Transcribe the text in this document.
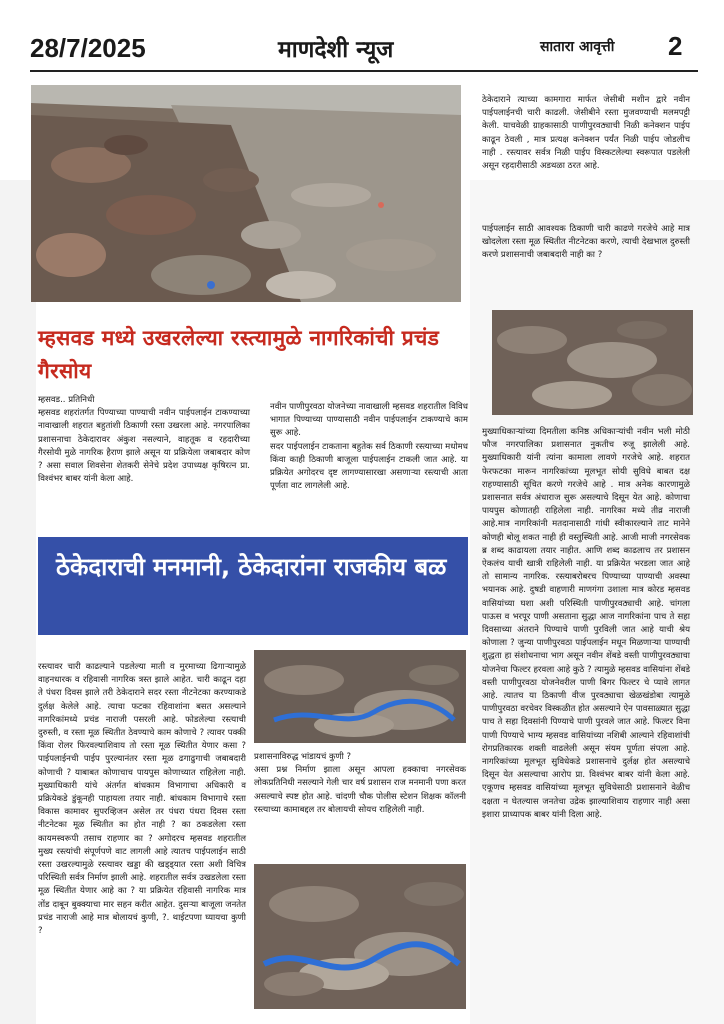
28/7/2025	माणदेशी न्यूज	सातारा आवृत्ती 2
म्हसवड मध्ये उखरलेल्या रस्त्यामुळे नागरिकांची प्रचंड गैरसोय
म्हसवड.. प्रतिनिधी
म्हसवड शहरांतर्गत पिण्याच्या पाण्याची नवीन पाईपलाईन टाकण्याच्या नावाखाली शहरात बहुतांशी ठिकाणी रस्ता उखरला आहे. नगरपालिका प्रशासनाचा ठेकेदारावर अंकुश नसल्याने, वाहतूक व रहदारीच्या गैरसोयी मुळे नागरिक हैराण झाले असून या प्रक्रियेला जबाबदार कोण ? असा सवाल शिवसेना शेतकरी सेनेचे प्रदेश उपाध्यक्ष कृषिरत्न प्रा. विश्वंभर बाबर यांनी केला आहे.
नवीन पाणीपुरवठा योजनेच्या नावाखाली म्हसवड शहरातील विविध भागात पिण्याच्या पाण्यासाठी नवीन पाईपलाईन टाकण्याचे काम सुरू आहे.
सदर पाईपलाईन टाकताना बहुतेक सर्व ठिकाणी रस्त्याच्या मधोमध किंवा काही ठिकाणी बाजूला पाईपलाईन टाकली जात आहे. या प्रक्रियेत अगोदरच दृष्ट लागण्यासारखा असणाऱ्या रस्त्याची आता पूर्णता वाट लागलेली आहे.
ठेकेदाराची मनमानी, ठेकेदारांना राजकीय बळ
रस्त्यावर चारी काढल्याने पडलेल्या माती व मुरमाच्या ढिगाऱ्यामुळे वाहनधारक व रहिवासी नागरिक त्रस्त झाले आहेत. चारी काढून दहा ते पंधरा दिवस झाले तरी ठेकेदाराने सदर रस्ता नीटनेटका करण्याकडे दुर्लक्ष केलेले आहे. त्याचा फटका रहिवाशांना बसत असल्याने नागरिकांमध्ये प्रचंड नाराजी पसरली आहे. फोडलेल्या रस्त्याची दुरुस्ती, व रस्ता मूळ स्थितीत ठेवण्याचे काम कोणाचे ? त्यावर पक्की किंवा रोलर फिरवल्याशिवाय तो रस्ता मूळ स्थितीत येणार कसा ? पाईपलाईनची पाईप पुरल्यानंतर रस्ता मूळ ढगाढुगाची जबाबदारी कोणाची ? याबाबत कोणाचाच पायपुस कोणाच्यात राहिलेला नाही. मुख्याधिकारी यांचे अंतर्गत बांधकाम विभागाचा अधिकारी व प्रक्रियेकडे डुंकूनही पाहायला तयार नाही. बांधकाम विभागाचे रस्ता विकास कामावर सुपरव्हिजन असेल तर पंधरा पंधरा दिवस रस्ता नीटनेटका मूळ स्थितीत का होत नाही ? का ठकडलेला रस्ता कायमस्वरूपी तसाच राहणार का ? अगोदरच म्हसवड शहरातील मुख्य रस्त्यांची संपूर्णपणे वाट लागली आहे त्यातच पाईपलाईन साठी रस्ता उखरल्यामुळे रस्त्यावर खड्डा की खड्ड्यात रस्ता अशी विचित्र परिस्थिती सर्वत्र निर्माण झाली आहे. शहरातील सर्वत्र उखडलेला रस्ता मूळ स्थितीत येणार आहे का ? या प्रक्रियेत रहिवासी नागरिक मात्र तोंड दाबून बुक्क्याचा मार सहन करीत आहेत. दुसऱ्या बाजूला जनतेत प्रचंड नाराजी आहे मात्र बोलायचं कुणी, ?. थाईटपणा घ्यायचा कुणी ?
प्रशासनाविरुद्ध भांडायचं कुणी ?
असा प्रश्न निर्माण झाला असून आपला हक्काचा नगरसेवक लोकप्रतिनिधी नसल्याने गेली चार वर्ष प्रशासन राज मनमानी पणा करत असल्याचे स्पष्ट होत आहे. चांदणी चौक पोलीस स्टेशन शिक्षक कॉलनी रस्त्याच्या कामाबद्दल तर बोलायची सोयच राहिलेली नाही.
ठेकेदाराने त्याच्या कामगारा मार्फत जेसीबी मशीन द्वारे नवीन पाईपलाईनची चारी काढली. जेसीबीने रस्ता मुजवण्याची मलमपट्टी केली. याचवेळी ग्राहकासाठी पाणीपुरवठ्याची निळी कनेक्शन पाईप काढून ठेवली , मात्र प्रत्यक्ष कनेक्शन पर्यंत निळी पाईप जोडलीच नाही . रस्त्यावर सर्वत्र निळी पाईप विस्कटलेल्या स्वरूपात पडलेली असून रहदारीसाठी अडथळा ठरत आहे.
पाईपलाईन साठी आवश्यक ठिकाणी चारी काढणे गरजेचे आहे मात्र खोदलेला रस्ता मूळ स्थितीत नीटनेटका करणे, त्याची देखभाल दुरुस्ती करणे प्रशासनाची जबाबदारी नाही का ?
मुख्याधिकाऱ्यांच्या दिमतीला कनिष्ठ अधिकाऱ्यांची नवीन भली मोठी फौज नगरपालिका प्रशासनात नुकतीच रुजू झालेली आहे. मुख्याधिकारी यांनी त्यांना कामाला लावणे गरजेचे आहे. शहरात फेरफटका मारून नागरिकांच्या मूलभूत सोयी सुविधे बाबत दक्ष राहण्यासाठी सूचित करणे गरजेचे आहे . मात्र अनेक कारणामुळे प्रशासनात सर्वत्र अंधाराज सुरू असल्याचे दिसून येत आहे. कोणाचा पायपुस कोणातही राहिलेला नाही. नागरिका मध्ये तीव्र नाराजी आहे.मात्र नागरिकांनी मतदानासाठी गांधी स्वीकारल्याने ताट मानेने कोणही बोलू शकत नाही ही वस्तुस्थिती आहे. आजी माजी नगरसेवक ब्र शब्द काढायला तयार नाहीत. आणि शब्द काढलाच तर प्रशासन ऐकलंच याची खात्री राहिलेली नाही. या प्रक्रियेत भरडला जात आहे तो सामान्य नागरिक. रस्त्याबरोबरच पिण्याच्या पाण्याची अवस्था भयानक आहे. दुषडी वाहणारी माणगंगा उशाला मात्र कोरड म्हसवड वासियांच्या घशा अशी परिस्थिती पाणीपुरवठ्याची आहे. चांगला पाऊस व भरपूर पाणी असताना सुद्धा आज नागरिकांना पाच ते सहा दिवसाच्या अंतराने पिण्याचे पाणी पुरविली जात आहे याची श्रेय कोणाला ? जुन्या पाणीपुरवठा पाईपलाईन मधून मिळणाऱ्या पाण्याची शुद्धता हा संशोधनाचा भाग असून नवीन शेंबडे वस्ती पाणीपुरवठ्याचा योजनेचा फिल्टर हरवला आहे कुठे ? त्यामुळे म्हसवड वासियांना शेंबडे वस्ती पाणीपुरवठा योजनेवरील पाणी बिगर फिल्टर चे प्यावे लागत आहे. त्यातच या ठिकाणी वीज पुरवठ्याचा खेळखंडोबा त्यामुळे पाणीपुरवठा वरचेवर विस्कळीत होत असल्याने ऐन पावसाळ्यात सुद्धा पाच ते सहा दिवसांनी पिण्याचे पाणी पुरवले जात आहे. फिल्टर विना पाणी पिण्याचे भाग्य म्हसवड वासियांच्या नशिबी आल्याने रहिवाशांची रोगप्रतिकारक शक्ती वाढलेली असून संयम पूर्णता संपला आहे. नागरिकांच्या मूलभूत सुविधेकडे प्रशासनाचे दुर्लक्ष होत असल्याचे दिसून येत असल्याचा आरोप प्रा. विश्वंभर बाबर यांनी केला आहे. एकूणच म्हसवड वासियांच्या मूलभूत सुविधेसाठी प्रशासनाने वेळीच दक्षता न घेतल्यास जनतेचा उद्रेक झाल्याशिवाय राहणार नाही असा इशारा प्राध्यापक बाबर यांनी दिला आहे.
